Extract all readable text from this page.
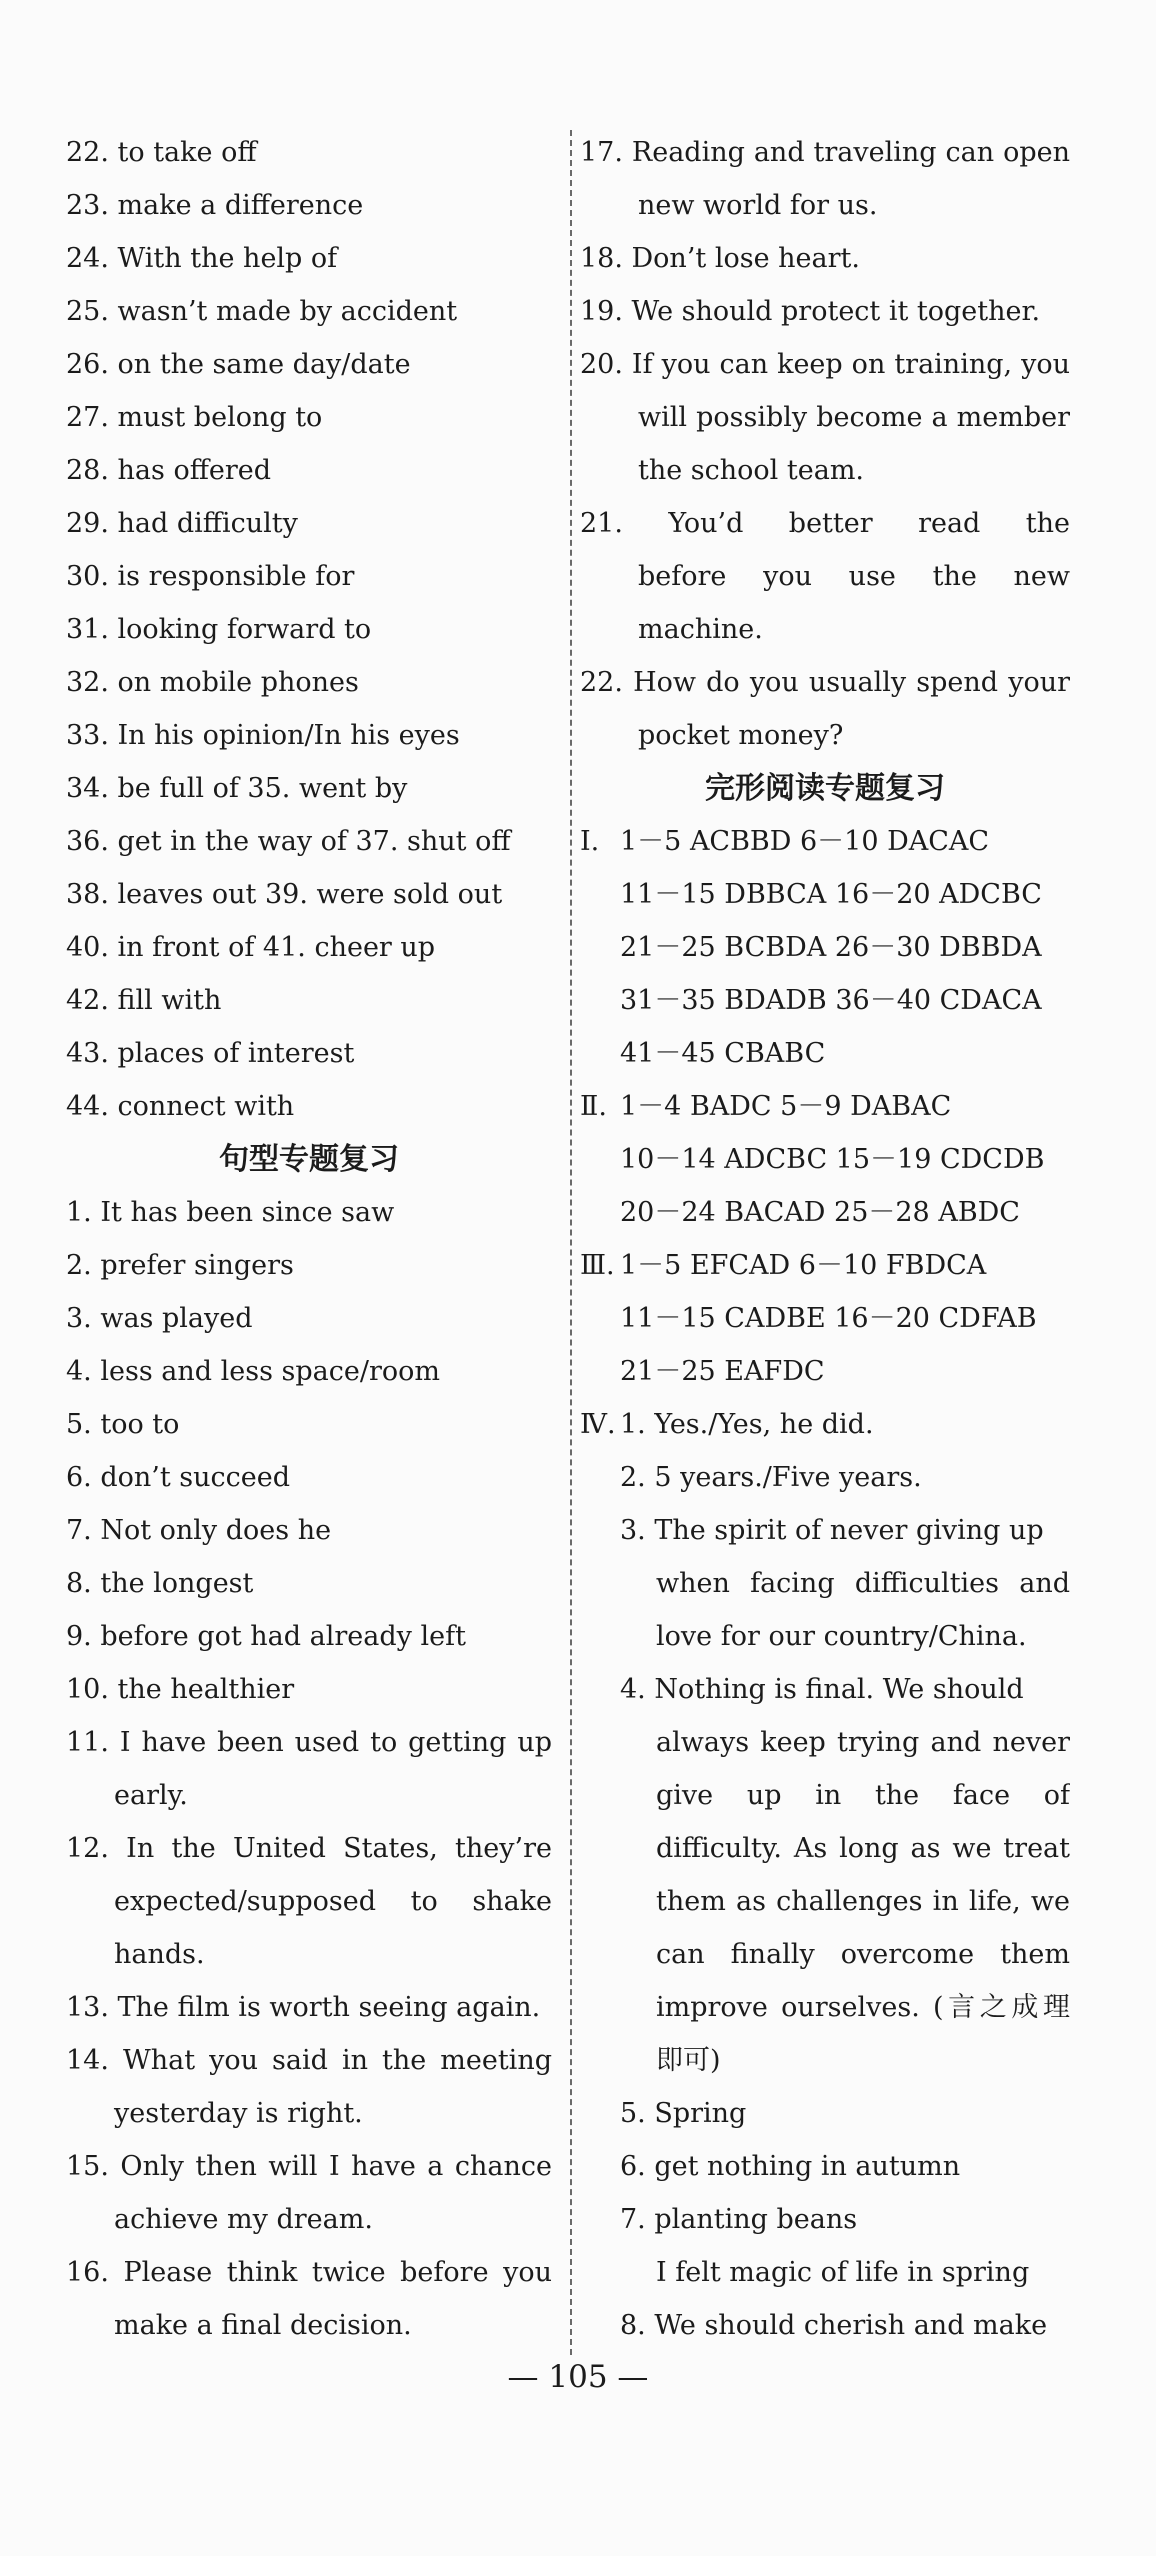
22. to take off
23. make a difference
24. With the help of
25. wasn’t made by accident
26. on the same day/date
27. must belong to
28. has offered
29. had difficulty
30. is responsible for
31. looking forward to
32. on mobile phones
33. In his opinion/In his eyes
34. be full of 35. went by
36. get in the way of 37. shut off
38. leaves out 39. were sold out
40. in front of 41. cheer up
42. fill with
43. places of interest
44. connect with
句型专题复习
1. It has been since saw
2. prefer singers
3. was played
4. less and less space/room
5. too to
6. don’t succeed
7. Not only does he
8. the longest
9. before got had already left
10. the healthier
11. I have been used to getting up
early.
12. In the United States, they’re
expected/supposed to shake
hands.
13. The film is worth seeing again.
14. What you said in the meeting
yesterday is right.
15. Only then will I have a chance
achieve my dream.
16. Please think twice before you
make a final decision.
17. Reading and traveling can open
new world for us.
18. Don’t lose heart.
19. We should protect it together.
20. If you can keep on training, you
will possibly become a member
the school team.
21. You’d better read the
before you use the new
machine.
22. How do you usually spend your
pocket money?
完形阅读专题复习
Ⅰ. 1－5 ACBBD 6－10 DACAC
11－15 DBBCA 16－20 ADCBC
21－25 BCBDA 26－30 DBBDA
31－35 BDADB 36－40 CDACA
41－45 CBABC
Ⅱ. 1－4 BADC 5－9 DABAC
10－14 ADCBC 15－19 CDCDB
20－24 BACAD 25－28 ABDC
Ⅲ. 1－5 EFCAD 6－10 FBDCA
11－15 CADBE 16－20 CDFAB
21－25 EAFDC
Ⅳ. 1. Yes./Yes, he did.
2. 5 years./Five years.
3. The spirit of never giving up
when facing difficulties and
love for our country/China.
4. Nothing is final. We should
always keep trying and never
give up in the face of
difficulty. As long as we treat
them as challenges in life, we
can finally overcome them
improve ourselves. (言之成理
即可)
5. Spring
6. get nothing in autumn
7. planting beans
I felt magic of life in spring
8. We should cherish and make
— 105 —
